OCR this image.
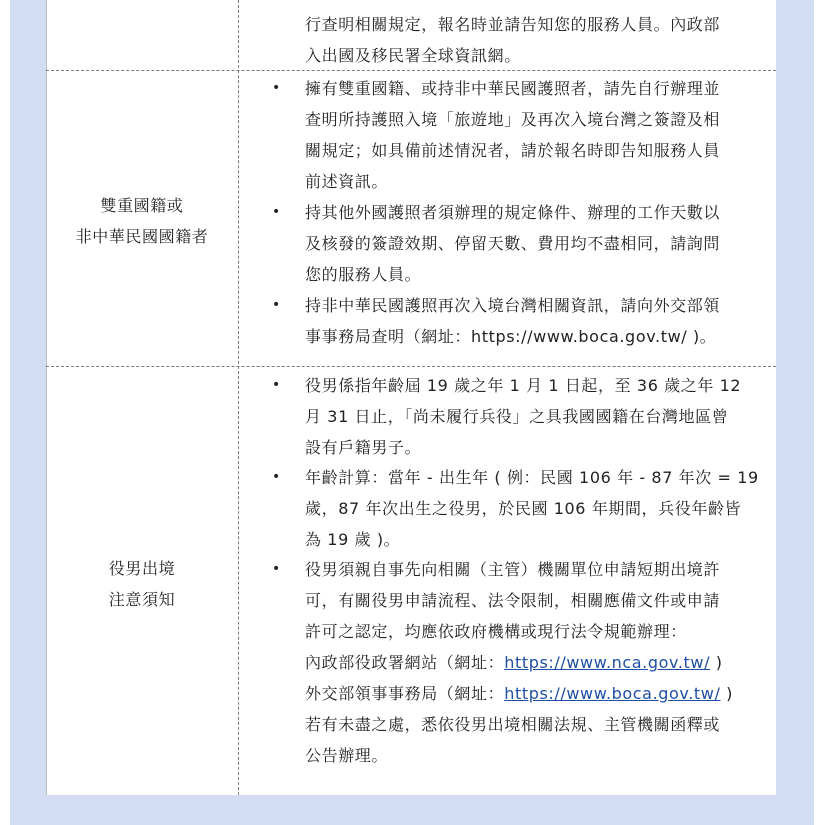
行查明相關規定，報名時並請告知您的服務人員。內政部
入出國及移民署全球資訊網。
雙重國籍或
非中華民國國籍者
• 擁有雙重國籍、或持非中華民國護照者，請先自行辦理並
查明所持護照入境「旅遊地」及再次入境台灣之簽證及相
關規定；如具備前述情況者，請於報名時即告知服務人員
前述資訊。
• 持其他外國護照者須辦理的規定條件、辦理的工作天數以
及核發的簽證效期、停留天數、費用均不盡相同，請詢問
您的服務人員。
• 持非中華民國護照再次入境台灣相關資訊，請向外交部領
事事務局查明（網址：https://www.boca.gov.tw/ )。
役男出境
注意須知
• 役男係指年齡屆 19 歲之年 1 月 1 日起，至 36 歲之年 12
月 31 日止，「尚未履行兵役」之具我國國籍在台灣地區曾
設有戶籍男子。
• 年齡計算：當年 - 出生年 ( 例：民國 106 年 - 87 年次 = 19
歲，87 年次出生之役男，於民國 106 年期間，兵役年齡皆
為 19 歲 )。
• 役男須親自事先向相關（主管）機關單位申請短期出境許
可，有關役男申請流程、法令限制，相關應備文件或申請
許可之認定，均應依政府機構或現行法令規範辦理：
內政部役政署網站（網址：https://www.nca.gov.tw/ )
外交部領事事務局（網址：https://www.boca.gov.tw/ )
若有未盡之處，悉依役男出境相關法規、主管機關函釋或
公告辦理。
